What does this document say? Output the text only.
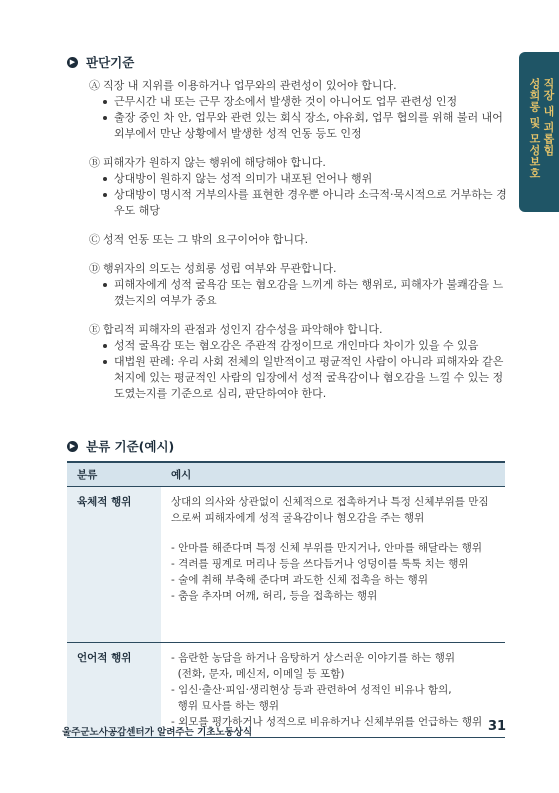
직장 내 괴롭힘
성희롱 및 모성보호
▶ 판단기준
Ⓐ 직장 내 지위를 이용하거나 업무와의 관련성이 있어야 합니다.
근무시간 내 또는 근무 장소에서 발생한 것이 아니어도 업무 관련성 인정
출장 중인 차 안, 업무와 관련 있는 회식 장소, 야유회, 업무 협의를 위해 불러 내어 외부에서 만난 상황에서 발생한 성적 언동 등도 인정
Ⓑ 피해자가 원하지 않는 행위에 해당해야 합니다.
상대방이 원하지 않는 성적 의미가 내포된 언어나 행위
상대방이 명시적 거부의사를 표현한 경우뿐 아니라 소극적·묵시적으로 거부하는 경우도 해당
Ⓒ 성적 언동 또는 그 밖의 요구이어야 합니다.
Ⓓ 행위자의 의도는 성희롱 성립 여부와 무관합니다.
피해자에게 성적 굴욕감 또는 혐오감을 느끼게 하는 행위로, 피해자가 불쾌감을 느꼈는지의 여부가 중요
Ⓔ 합리적 피해자의 관점과 성인지 감수성을 파악해야 합니다.
성적 굴욕감 또는 혐오감은 주관적 감정이므로 개인마다 차이가 있을 수 있음
대법원 판례: 우리 사회 전체의 일반적이고 평균적인 사람이 아니라 피해자와 같은 처지에 있는 평균적인 사람의 입장에서 성적 굴욕감이나 혐오감을 느낄 수 있는 정도였는지를 기준으로 심리, 판단하여야 한다.
▶ 분류 기준(예시)
분류	예시
육체적 행위	상대의 의사와 상관없이 신체적으로 접촉하거나 특정 신체부위를 만짐으로써 피해자에게 성적 굴욕감이나 혐오감을 주는 행위
- 안마를 해준다며 특정 신체 부위를 만지거나, 안마를 해달라는 행위
- 격려를 핑계로 머리나 등을 쓰다듬거나 엉덩이를 툭툭 치는 행위
- 술에 취해 부축해 준다며 과도한 신체 접촉을 하는 행위
- 춤을 추자며 어깨, 허리, 등을 접촉하는 행위

언어적 행위	- 음란한 농담을 하거나 음탕하거 상스러운 이야기를 하는 행위
(전화, 문자, 메신저, 이메일 등 포함)
- 임신·출산·피임·생리현상 등과 관련하여 성적인 비유나 함의,
행위 묘사를 하는 행위
- 외모를 평가하거나 성적으로 비유하거나 신체부위를 언급하는 행위
울주군노사공감센터가 알려주는 기초노동상식	31
